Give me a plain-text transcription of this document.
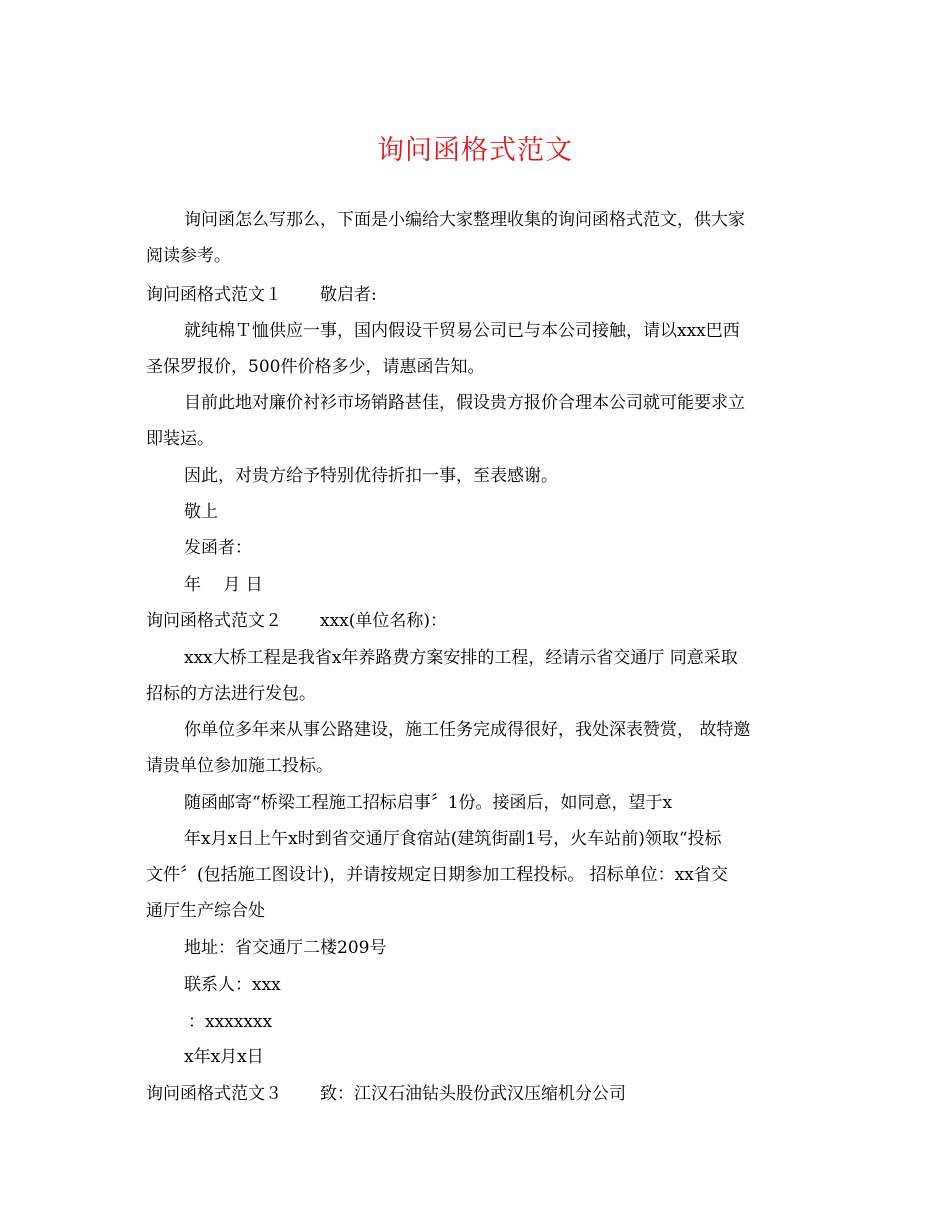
询问函格式范文
询问函怎么写那么，下面是小编给大家整理收集的询问函格式范文，供大家
阅读参考。
询问函格式范文１ 敬启者:
就纯棉Ｔ恤供应一事，国内假设干贸易公司已与本公司接触，请以xxx巴西
圣保罗报价，500件价格多少，请惠函告知。
目前此地对廉价衬衫市场销路甚佳，假设贵方报价合理本公司就可能要求立
即装运。
因此，对贵方给予特别优待折扣一事，至表感谢。
敬上
发函者：
年　 月 日
询问函格式范文２ xxx(单位名称)：
xxx大桥工程是我省x年养路费方案安排的工程，经请示省交通厅 同意采取
招标的方法进行发包。
你单位多年来从事公路建设，施工任务完成得很好，我处深表赞赏， 故特邀
请贵单位参加施工投标。
随函邮寄“桥梁工程施工招标启事〞1份。接函后，如同意，望于x
年x月x日上午x时到省交通厅食宿站(建筑街副1号，火车站前)领取“投标
文件〞(包括施工图设计)，并请按规定日期参加工程投标。 招标单位：xx省交
通厅生产综合处
地址：省交通厅二楼209号
联系人：xxx
：xxxxxxx
x年x月x日
询问函格式范文３ 致：江汉石油钻头股份武汉压缩机分公司
